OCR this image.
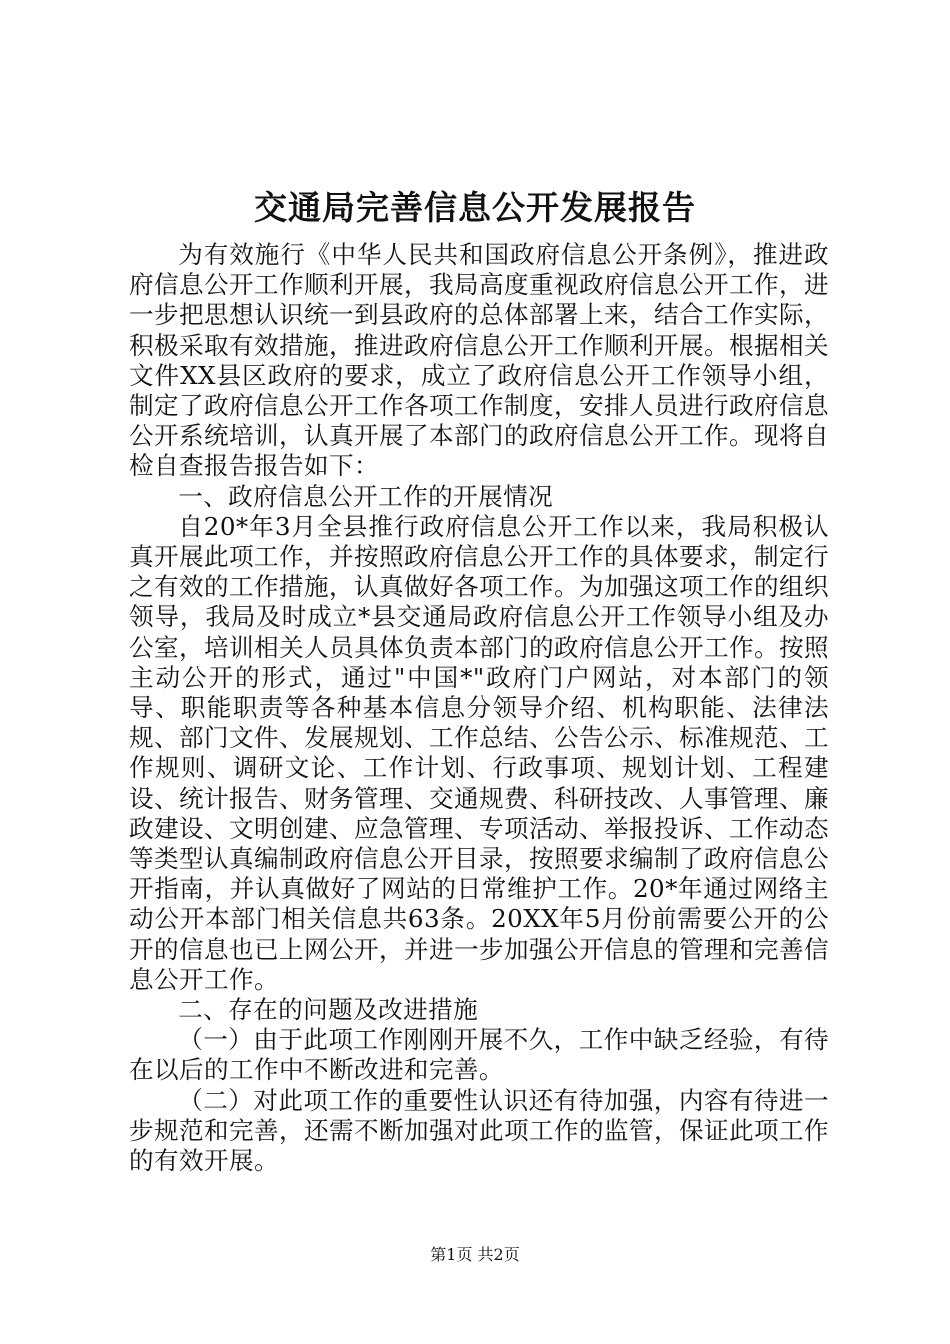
交通局完善信息公开发展报告

为有效施行《中华人民共和国政府信息公开条例》，推进政府信息公开工作顺利开展，我局高度重视政府信息公开工作，进一步把思想认识统一到县政府的总体部署上来，结合工作实际，积极采取有效措施，推进政府信息公开工作顺利开展。根据相关文件XX县区政府的要求，成立了政府信息公开工作领导小组，制定了政府信息公开工作各项工作制度，安排人员进行政府信息公开系统培训，认真开展了本部门的政府信息公开工作。现将自检自查报告报告如下：

一、政府信息公开工作的开展情况

自20*年3月全县推行政府信息公开工作以来，我局积极认真开展此项工作，并按照政府信息公开工作的具体要求，制定行之有效的工作措施，认真做好各项工作。为加强这项工作的组织领导，我局及时成立*县交通局政府信息公开工作领导小组及办公室，培训相关人员具体负责本部门的政府信息公开工作。按照主动公开的形式，通过"中国*"政府门户网站，对本部门的领导、职能职责等各种基本信息分领导介绍、机构职能、法律法规、部门文件、发展规划、工作总结、公告公示、标准规范、工作规则、调研文论、工作计划、行政事项、规划计划、工程建设、统计报告、财务管理、交通规费、科研技改、人事管理、廉政建设、文明创建、应急管理、专项活动、举报投诉、工作动态等类型认真编制政府信息公开目录，按照要求编制了政府信息公开指南，并认真做好了网站的日常维护工作。20*年通过网络主动公开本部门相关信息共63条。20XX年5月份前需要公开的公开的信息也已上网公开，并进一步加强公开信息的管理和完善信息公开工作。

二、存在的问题及改进措施

（一）由于此项工作刚刚开展不久，工作中缺乏经验，有待在以后的工作中不断改进和完善。

（二）对此项工作的重要性认识还有待加强，内容有待进一步规范和完善，还需不断加强对此项工作的监管，保证此项工作的有效开展。

第1页 共2页
